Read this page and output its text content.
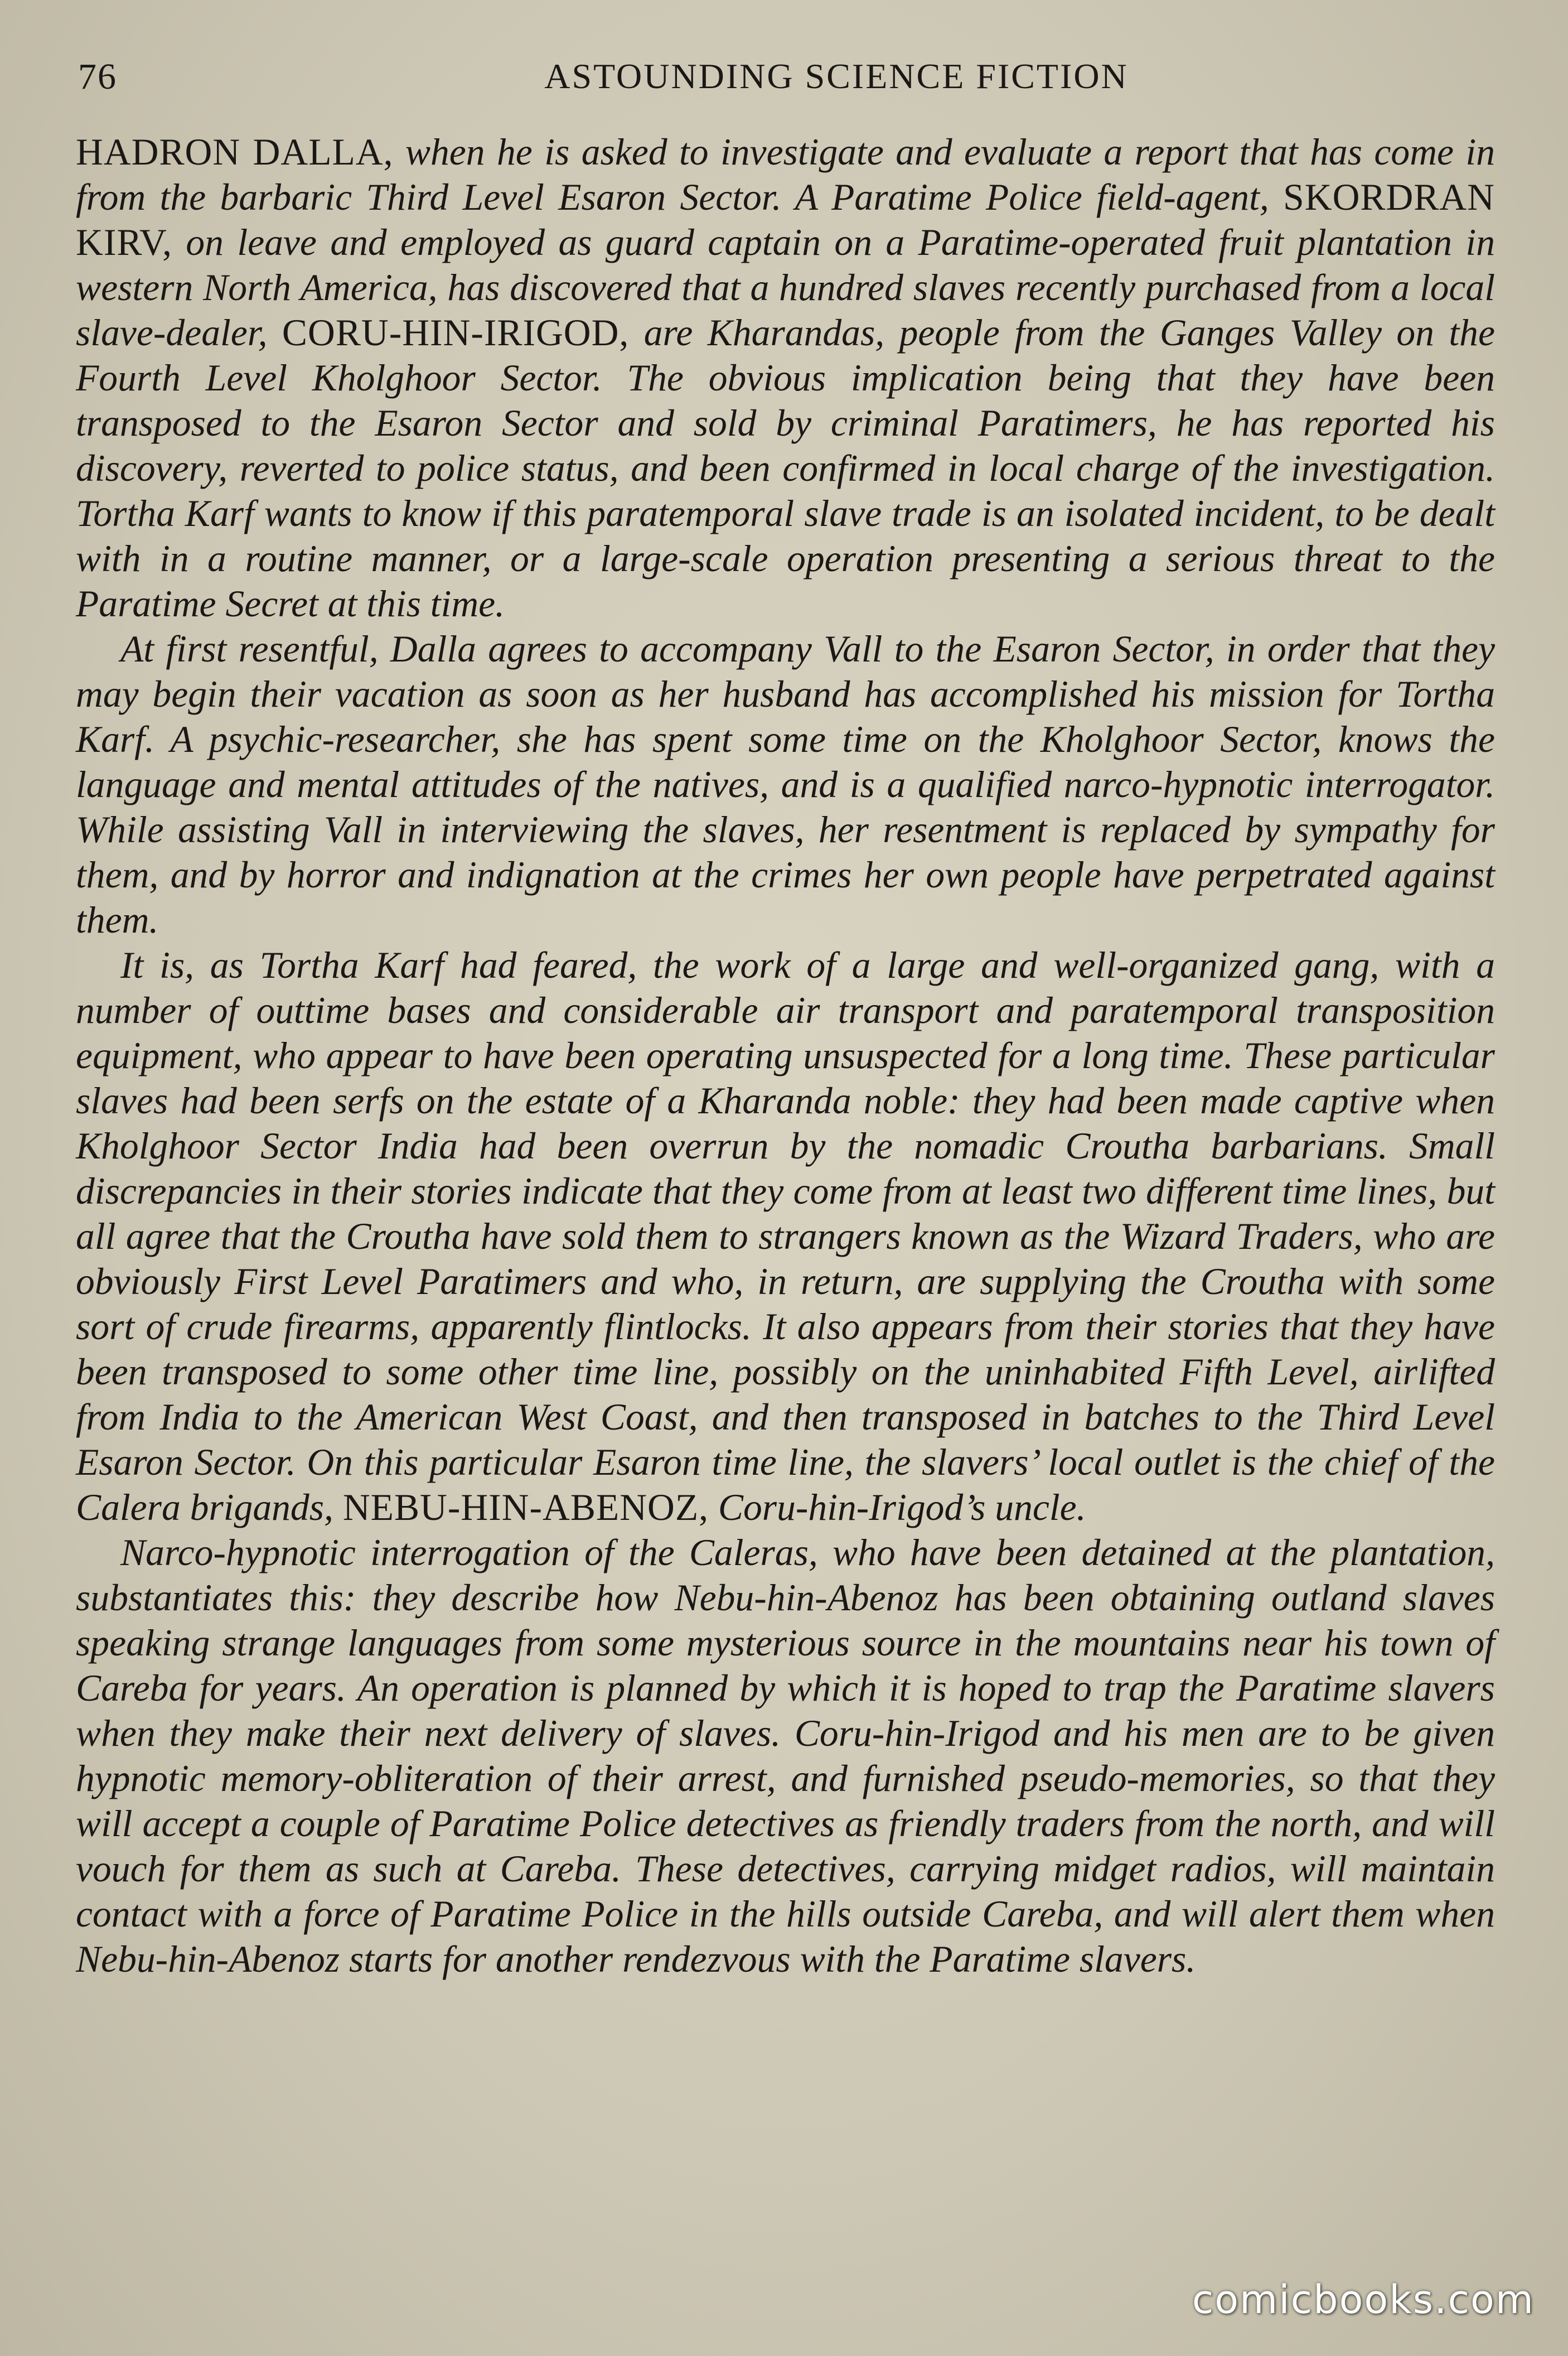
76	ASTOUNDING SCIENCE FICTION

HADRON DALLA, when he is asked to investigate and evaluate a report that has come in from the barbaric Third Level Esaron Sector. A Paratime Police field-agent, SKORDRAN KIRV, on leave and employed as guard captain on a Paratime-operated fruit plantation in western North America, has discovered that a hundred slaves recently purchased from a local slave-dealer, CORU-HIN-IRIGOD, are Kharandas, people from the Ganges Valley on the Fourth Level Kholghoor Sector. The obvious implication being that they have been transposed to the Esaron Sector and sold by criminal Paratimers, he has reported his discovery, reverted to police status, and been confirmed in local charge of the investigation. Tortha Karf wants to know if this paratemporal slave trade is an isolated incident, to be dealt with in a routine manner, or a large-scale operation presenting a serious threat to the Paratime Secret at this time.

At first resentful, Dalla agrees to accompany Vall to the Esaron Sector, in order that they may begin their vacation as soon as her husband has accomplished his mission for Tortha Karf. A psychic-researcher, she has spent some time on the Kholghoor Sector, knows the language and mental attitudes of the natives, and is a qualified narco-hypnotic interrogator. While assisting Vall in interviewing the slaves, her resentment is replaced by sympathy for them, and by horror and indignation at the crimes her own people have perpetrated against them.

It is, as Tortha Karf had feared, the work of a large and well-organized gang, with a number of outtime bases and considerable air transport and paratemporal transposition equipment, who appear to have been operating unsuspected for a long time. These particular slaves had been serfs on the estate of a Kharanda noble: they had been made captive when Kholghoor Sector India had been overrun by the nomadic Croutha barbarians. Small discrepancies in their stories indicate that they come from at least two different time lines, but all agree that the Croutha have sold them to strangers known as the Wizard Traders, who are obviously First Level Paratimers and who, in return, are supplying the Croutha with some sort of crude firearms, apparently flintlocks. It also appears from their stories that they have been transposed to some other time line, possibly on the uninhabited Fifth Level, airlifted from India to the American West Coast, and then transposed in batches to the Third Level Esaron Sector. On this particular Esaron time line, the slavers’ local outlet is the chief of the Calera brigands, NEBU-HIN-ABENOZ, Coru-hin-Irigod’s uncle.

Narco-hypnotic interrogation of the Caleras, who have been detained at the plantation, substantiates this: they describe how Nebu-hin-Abenoz has been obtaining outland slaves speaking strange languages from some mysterious source in the mountains near his town of Careba for years. An operation is planned by which it is hoped to trap the Paratime slavers when they make their next delivery of slaves. Coru-hin-Irigod and his men are to be given hypnotic memory-obliteration of their arrest, and furnished pseudo-memories, so that they will accept a couple of Paratime Police detectives as friendly traders from the north, and will vouch for them as such at Careba. These detectives, carrying midget radios, will maintain contact with a force of Paratime Police in the hills outside Careba, and will alert them when Nebu-hin-Abenoz starts for another rendezvous with the Paratime slavers.

comicbooks.com
